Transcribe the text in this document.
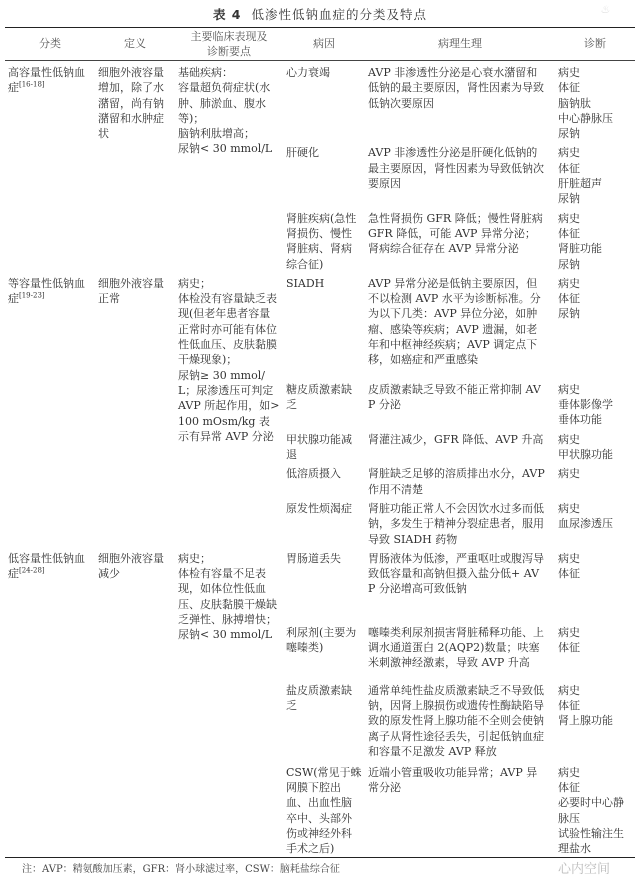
表 4 低渗性低钠血症的分类及特点	♨
分类	定义	主要临床表现及诊断要点	病因	病理生理	诊断
高容量性低钠血症[16-18]	细胞外液容量增加，除了水潴留，尚有钠潴留和水肿症状	基础疾病：
容量超负荷症状(水肿、肺淤血、腹水等)；
脑钠利肽增高；
尿钠< 30 mmol/L	心力衰竭	AVP 非渗透性分泌是心衰水潴留和低钠的最主要原因，肾性因素为导致低钠次要原因	病史
体征
脑钠肽
中心静脉压
尿钠

			肝硬化	AVP 非渗透性分泌是肝硬化低钠的最主要原因，肾性因素为导致低钠次要原因	病史
体征
肝脏超声
尿钠

			肾脏疾病(急性肾损伤、慢性肾脏病、肾病综合征)	急性肾损伤 GFR 降低；慢性肾脏病 GFR 降低，可能 AVP 异常分泌；肾病综合征存在 AVP 异常分泌	病史
体征
肾脏功能
尿钠

等容量性低钠血症[19-23]	细胞外液容量正常	病史；
体检没有容量缺乏表现(但老年患者容量正常时亦可能有体位性低血压、皮肤黏膜干燥现象)；
尿钠≥ 30 mmol/L；尿渗透压可判定 AVP 所起作用，如> 100 mOsm/kg 表示有异常 AVP 分泌	SIADH	AVP 异常分泌是低钠主要原因，但不以检测 AVP 水平为诊断标准。分为以下几类：AVP 异位分泌，如肿瘤、感染等疾病；AVP 遗漏，如老年和中枢神经疾病；AVP 调定点下移，如癌症和严重感染	病史
体征
尿钠

			糖皮质激素缺乏	皮质激素缺乏导致不能正常抑制 AVP 分泌	病史
垂体影像学
垂体功能

			甲状腺功能减退	肾灌注减少，GFR 降低、AVP 升高	病史
甲状腺功能

			低溶质摄入	肾脏缺乏足够的溶质排出水分，AVP 作用不清楚	病史

			原发性烦渴症	肾脏功能正常人不会因饮水过多而低钠，多发生于精神分裂症患者，服用导致 SIADH 药物	病史
血尿渗透压

低容量性低钠血症[24-28]	细胞外液容量减少	病史；
体检有容量不足表现，如体位性低血压、皮肤黏膜干燥缺乏弹性、脉搏增快；
尿钠< 30 mmol/L	胃肠道丢失	胃肠液体为低渗，严重呕吐或腹泻导致低容量和高钠但摄入盐分低+ AVP 分泌增高可致低钠	病史
体征

			利尿剂(主要为噻嗪类)	噻嗪类利尿剂损害肾脏稀释功能、上调水通道蛋白 2(AQP2)数量；呋塞米刺激神经激素，导致 AVP 升高	病史
体征

			盐皮质激素缺乏	通常单纯性盐皮质激素缺乏不导致低钠，因肾上腺损伤或遗传性酶缺陷导致的原发性肾上腺功能不全则会使钠离子从肾性途径丢失，引起低钠血症和容量不足激发 AVP 释放	病史
体征
肾上腺功能

			CSW(常见于蛛网膜下腔出血、出血性脑卒中、头部外伤或神经外科手术之后)	近端小管重吸收功能异常；AVP 异常分泌	病史
体征
必要时中心静脉压
试验性输注生理盐水
注：AVP：精氨酸加压素，GFR：肾小球滤过率，CSW：脑耗盐综合征	心内空间
